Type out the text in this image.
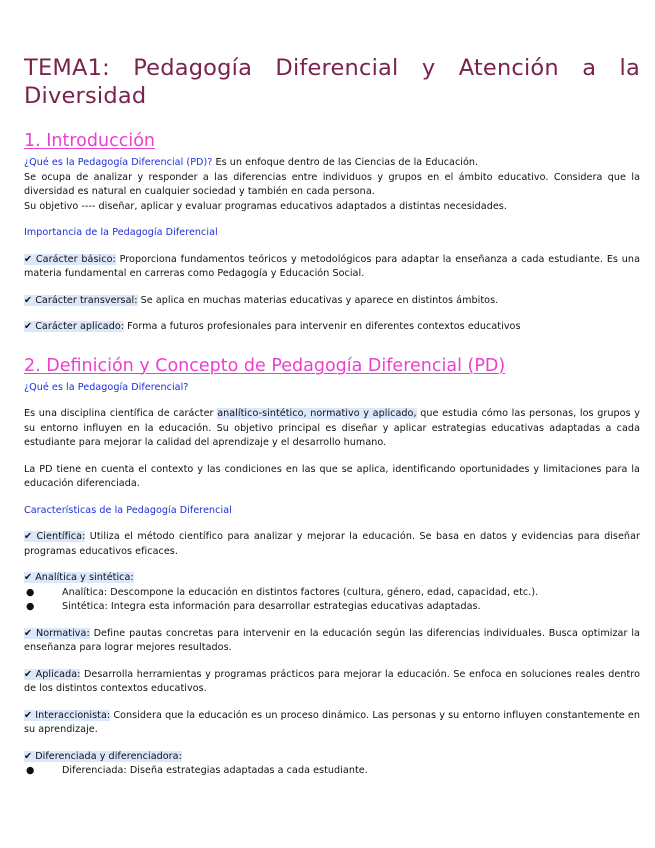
TEMA1: Pedagogía Diferencial y Atención a la
Diversidad
1. Introducción

¿Qué es la Pedagogía Diferencial (PD)? Es un enfoque dentro de las Ciencias de la Educación.

Se ocupa de analizar y responder a las diferencias entre individuos y grupos en el ámbito educativo. Considera que la diversidad es natural en cualquier sociedad y también en cada persona.

Su objetivo ---- diseñar, aplicar y evaluar programas educativos adaptados a distintas necesidades.

Importancia de la Pedagogía Diferencial

✔ Carácter básico: Proporciona fundamentos teóricos y metodológicos para adaptar la enseñanza a cada estudiante. Es una materia fundamental en carreras como Pedagogía y Educación Social.

✔ Carácter transversal: Se aplica en muchas materias educativas y aparece en distintos ámbitos.

✔ Carácter aplicado: Forma a futuros profesionales para intervenir en diferentes contextos educativos

2. Definición y Concepto de Pedagogía Diferencial (PD)

¿Qué es la Pedagogía Diferencial?

Es una disciplina científica de carácter analítico-sintético, normativo y aplicado, que estudia cómo las personas, los grupos y su entorno influyen en la educación. Su objetivo principal es diseñar y aplicar estrategias educativas adaptadas a cada estudiante para mejorar la calidad del aprendizaje y el desarrollo humano.

La PD tiene en cuenta el contexto y las condiciones en las que se aplica, identificando oportunidades y limitaciones para la educación diferenciada.

Características de la Pedagogía Diferencial

✔ Científica: Utiliza el método científico para analizar y mejorar la educación. Se basa en datos y evidencias para diseñar programas educativos eficaces.

✔ Analítica y sintética:

●	Analítica: Descompone la educación en distintos factores (cultura, género, edad, capacidad, etc.).
●	Sintética: Integra esta información para desarrollar estrategias educativas adaptadas.

✔ Normativa: Define pautas concretas para intervenir en la educación según las diferencias individuales. Busca optimizar la enseñanza para lograr mejores resultados.

✔ Aplicada: Desarrolla herramientas y programas prácticos para mejorar la educación. Se enfoca en soluciones reales dentro de los distintos contextos educativos.

✔ Interaccionista: Considera que la educación es un proceso dinámico. Las personas y su entorno influyen constantemente en su aprendizaje.

✔ Diferenciada y diferenciadora:

●	Diferenciada: Diseña estrategias adaptadas a cada estudiante.
